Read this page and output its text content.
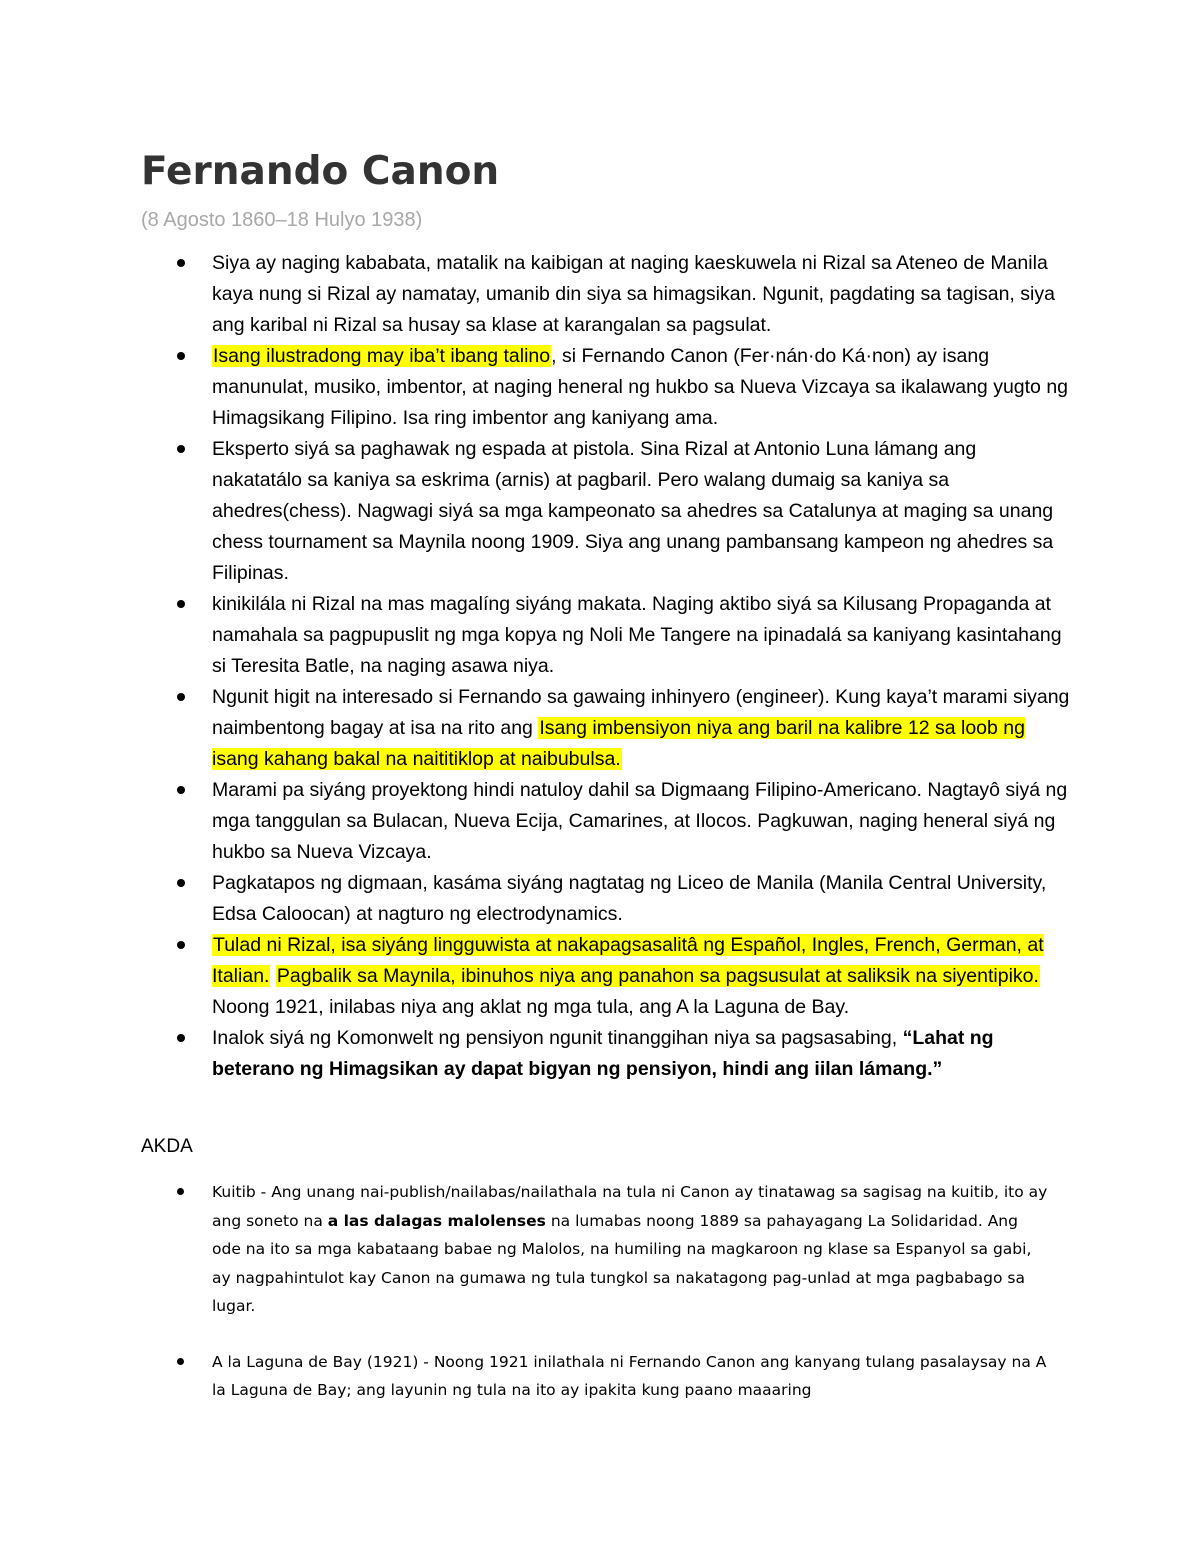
Fernando Canon

(8 Agosto 1860–18 Hulyo 1938)

Siya ay naging kababata, matalik na kaibigan at naging kaeskuwela ni Rizal sa Ateneo de Manila kaya nung si Rizal ay namatay, umanib din siya sa himagsikan. Ngunit, pagdating sa tagisan, siya ang karibal ni Rizal sa husay sa klase at karangalan sa pagsulat.
Isang ilustradong may iba’t ibang talino, si Fernando Canon (Fer·nán·do Ká·non) ay isang manunulat, musiko, imbentor, at naging heneral ng hukbo sa Nueva Vizcaya sa ikalawang yugto ng Himagsikang Filipino. Isa ring imbentor ang kaniyang ama.
Eksperto siyá sa paghawak ng espada at pistola. Sina Rizal at Antonio Luna lámang ang nakatatálo sa kaniya sa eskrima (arnis) at pagbaril. Pero walang dumaig sa kaniya sa ahedres(chess). Nagwagi siyá sa mga kampeonato sa ahedres sa Catalunya at maging sa unang chess tournament sa Maynila noong 1909. Siya ang unang pambansang kampeon ng ahedres sa Filipinas.
kinikilála ni Rizal na mas magalíng siyáng makata. Naging aktibo siyá sa Kilusang Propaganda at namahala sa pagpupuslit ng mga kopya ng Noli Me Tangere na ipinadalá sa kaniyang kasintahang si Teresita Batle, na naging asawa niya.
Ngunit higit na interesado si Fernando sa gawaing inhinyero (engineer). Kung kaya’t marami siyang naimbentong bagay at isa na rito ang Isang imbensiyon niya ang baril na kalibre 12 sa loob ng isang kahang bakal na naititiklop at naibubulsa.
Marami pa siyáng proyektong hindi natuloy dahil sa Digmaang Filipino-Americano. Nagtayô siyá ng mga tanggulan sa Bulacan, Nueva Ecija, Camarines, at Ilocos. Pagkuwan, naging heneral siyá ng hukbo sa Nueva Vizcaya.
Pagkatapos ng digmaan, kasáma siyáng nagtatag ng Liceo de Manila (Manila Central University, Edsa Caloocan) at nagturo ng electrodynamics.
Tulad ni Rizal, isa siyáng lingguwista at nakapagsasalitâ ng Español, Ingles, French, German, at Italian. Pagbalik sa Maynila, ibinuhos niya ang panahon sa pagsusulat at saliksik na siyentipiko. Noong 1921, inilabas niya ang aklat ng mga tula, ang A la Laguna de Bay.
Inalok siyá ng Komonwelt ng pensiyon ngunit tinanggihan niya sa pagsasabing, “Lahat ng beterano ng Himagsikan ay dapat bigyan ng pensiyon, hindi ang iilan lámang.”

AKDA

Kuitib - Ang unang nai-publish/nailabas/nailathala na tula ni Canon ay tinatawag sa sagisag na kuitib, ito ay ang soneto na a las dalagas malolenses na lumabas noong 1889 sa pahayagang La Solidaridad. Ang ode na ito sa mga kabataang babae ng Malolos, na humiling na magkaroon ng klase sa Espanyol sa gabi, ay nagpahintulot kay Canon na gumawa ng tula tungkol sa nakatagong pag-unlad at mga pagbabago sa lugar.
A la Laguna de Bay (1921) - Noong 1921 inilathala ni Fernando Canon ang kanyang tulang pasalaysay na A la Laguna de Bay; ang layunin ng tula na ito ay ipakita kung paano maaaring
